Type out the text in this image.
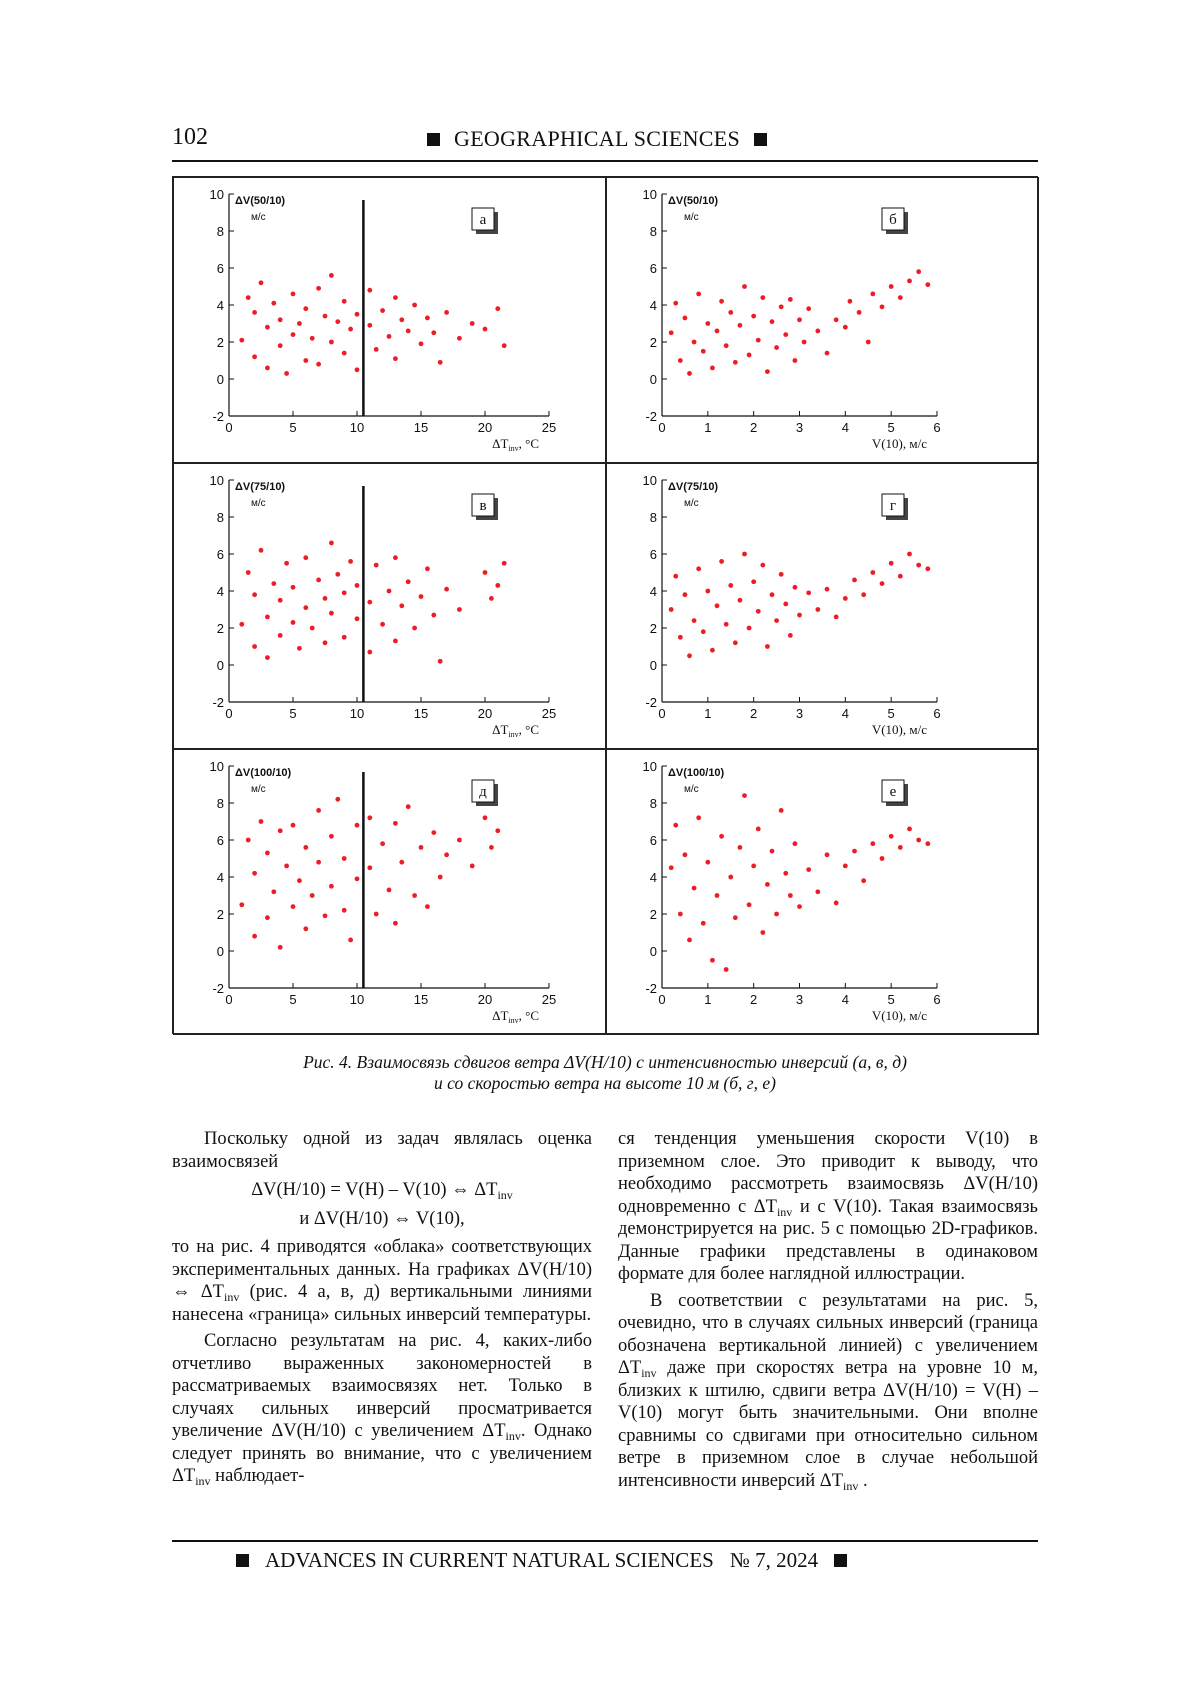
102	GEOGRAPHICAL SCIENCES
10
8
6
4
2
0
-2
0	5	10	15	20	25
ΔV(50/10)
м/с
$\Delta T_{inv}$, °C
а
10
8
6
4
2
0
-2
0	1	2	3	4	5	6
ΔV(50/10)
м/с
V(10), м/с
б
10
8
6
4
2
0
-2
0	5	10	15	20	25
ΔV(75/10)
м/с
$\Delta T_{inv}$, °C
в
10
8
6
4
2
0
-2
0	1	2	3	4	5	6
ΔV(75/10)
м/с
V(10), м/с
г
10
8
6
4
2
0
-2
0	5	10	15	20	25
ΔV(100/10)
м/с
$\Delta T_{inv}$, °C
д
10
8
6
4
2
0
-2
0	1	2	3	4	5	6
ΔV(100/10)
м/с
V(10), м/с
е
Рис. 4. Взаимосвязь сдвигов ветра ΔV(H/10) с интенсивностью инверсий (а, в, д)
и со скоростью ветра на высоте 10 м (б, г, е)

Поскольку одной из задач являлась оценка взаимосвязей

ΔV(H/10) = V(H) – V(10) ⇔ $\Delta T_{inv}$

и ΔV(H/10) ⇔ V(10),

то на рис. 4 приводятся «облака» соответствующих экспериментальных данных. На графиках ΔV(H/10) ⇔ $\Delta T_{inv}$ (рис. 4 а, в, д) вертикальными линиями нанесена «граница» сильных инверсий температуры.

Согласно результатам на рис. 4, каких-либо отчетливо выраженных закономерностей в рассматриваемых взаимосвязях нет. Только в случаях сильных инверсий просматривается увеличение ΔV(H/10) с увеличением $\Delta T_{inv}$. Однако следует принять во внимание, что с увеличением $\Delta T_{inv}$ наблюдает-

ся тенденция уменьшения скорости V(10) в приземном слое. Это приводит к выводу, что необходимо рассмотреть взаимосвязь ΔV(H/10) одновременно с $\Delta T_{inv}$ и с V(10). Такая взаимосвязь демонстрируется на рис. 5 с помощью 2D-графиков. Данные графики представлены в одинаковом формате для более наглядной иллюстрации.

В соответствии с результатами на рис. 5, очевидно, что в случаях сильных инверсий (граница обозначена вертикальной линией) с увеличением $\Delta T_{inv}$ даже при скоростях ветра на уровне 10 м, близких к штилю, сдвиги ветра ΔV(H/10) = V(H) – V(10) могут быть значительными. Они вполне сравнимы со сдвигами при относительно сильном ветре в приземном слое в случае небольшой интенсивности инверсий $\Delta T_{inv}$ .

ADVANCES IN CURRENT NATURAL SCIENCES № 7, 2024
